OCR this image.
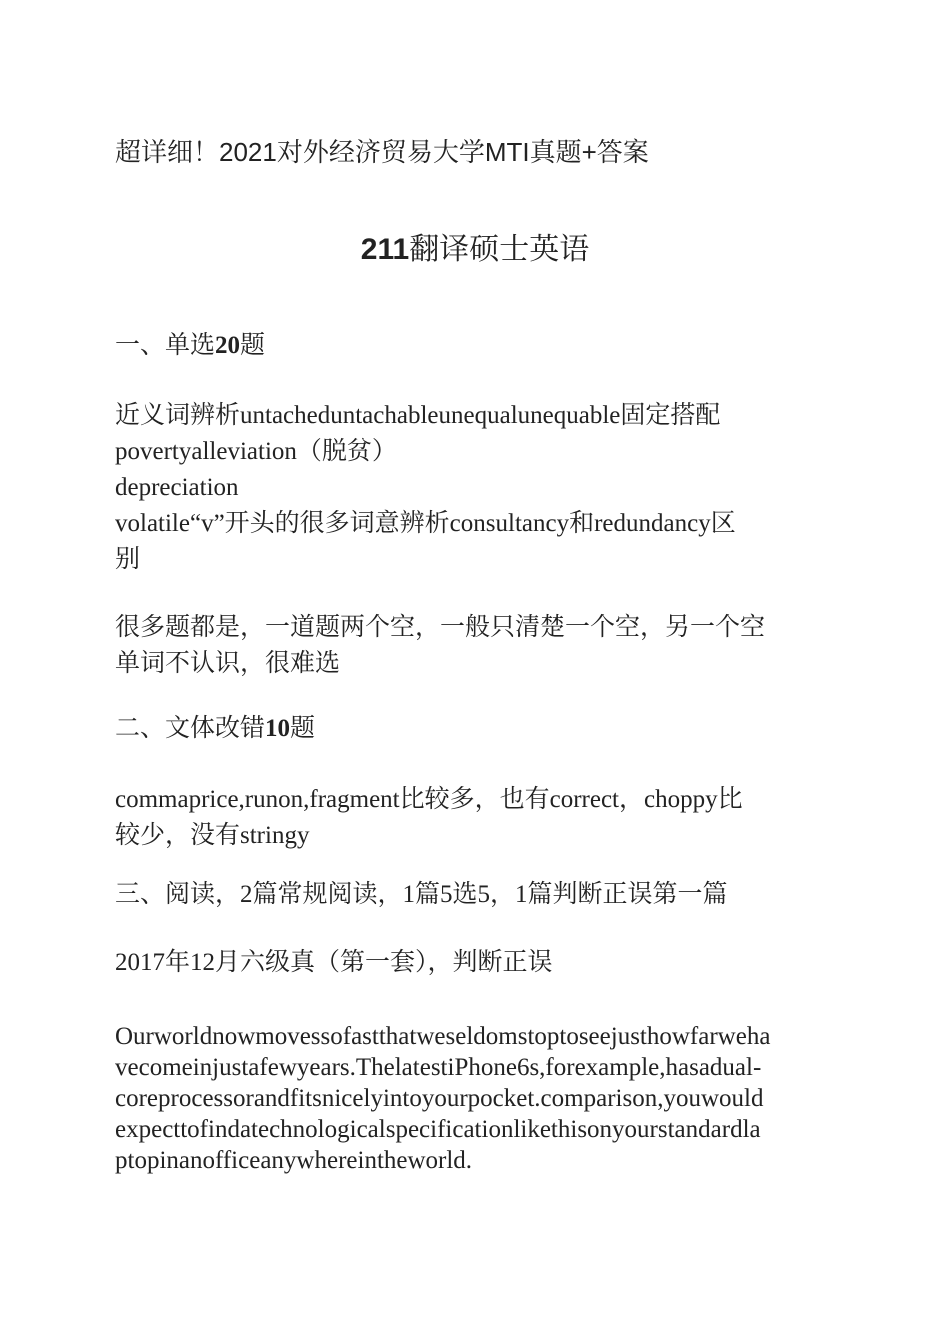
超详细！2021对外经济贸易大学MTI真题+答案
211翻译硕士英语
一、单选20题
近义词辨析untacheduntachableunequalunequable固定搭配
povertyalleviation（脱贫）
depreciation
volatile“v”开头的很多词意辨析consultancy和redundancy区
别
很多题都是，一道题两个空，一般只清楚一个空，另一个空
单词不认识，很难选
二、文体改错10题
commaprice,runon,fragment比较多，也有correct，choppy比
较少，没有stringy
三、阅读，2篇常规阅读，1篇5选5，1篇判断正误第一篇
2017年12月六级真（第一套），判断正误
Ourworldnowmovessofastthatweseldomstoptoseejusthowfarweha
vecomeinjustafewyears.ThelatestiPhone6s,forexample,hasadual-
coreprocessorandfitsnicelyintoyourpocket.comparison,youwould
expecttofindatechnologicalspecificationlikethisonyourstandardla
ptopinanofficeanywhereintheworld.
